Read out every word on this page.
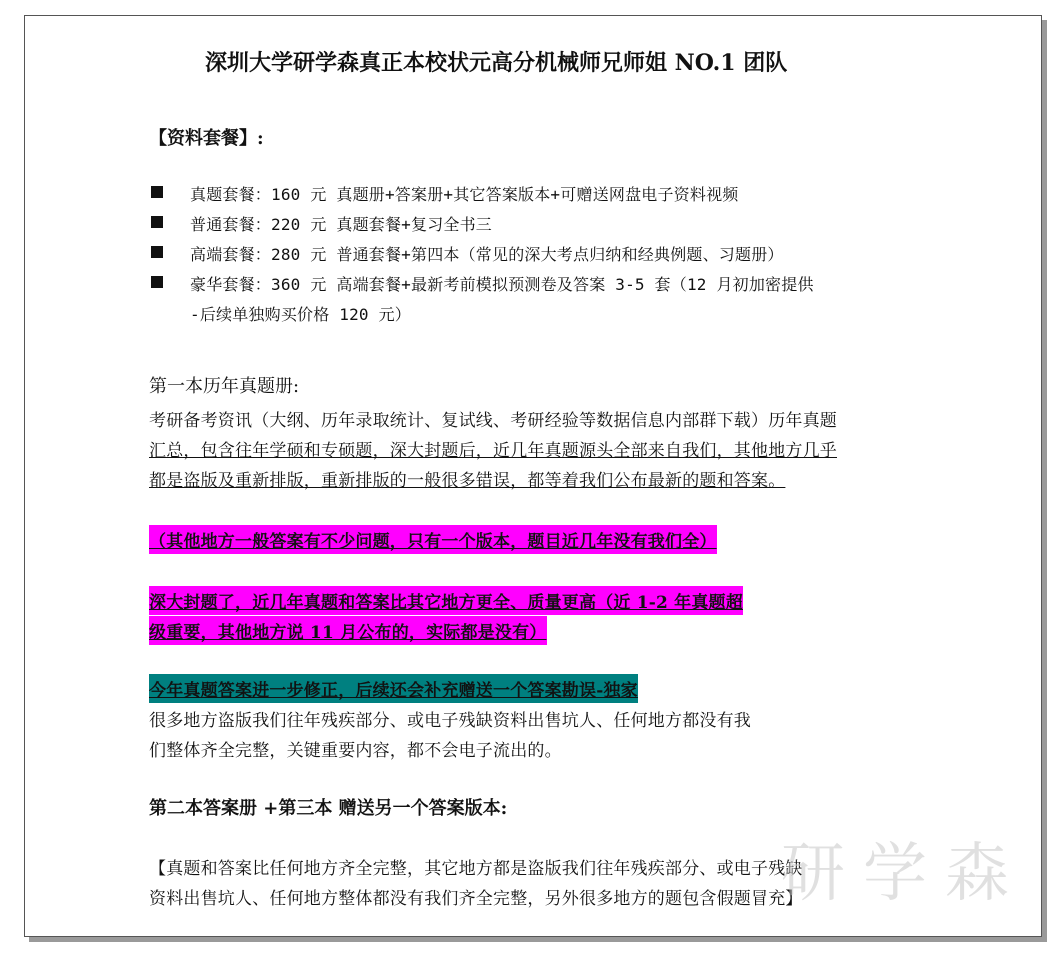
深圳大学研学森真正本校状元高分机械师兄师姐 NO.1 团队
【资料套餐】:
真题套餐：160 元 真题册+答案册+其它答案版本+可赠送网盘电子资料视频
普通套餐：220 元 真题套餐+复习全书三
高端套餐：280 元 普通套餐+第四本（常见的深大考点归纳和经典例题、习题册）
豪华套餐：360 元 高端套餐+最新考前模拟预测卷及答案 3-5 套（12 月初加密提供
-后续单独购买价格 120 元）
第一本历年真题册:
考研备考资讯（大纲、历年录取统计、复试线、考研经验等数据信息内部群下载）历年真题
汇总，包含往年学硕和专硕题，深大封题后，近几年真题源头全部来自我们，其他地方几乎
都是盗版及重新排版，重新排版的一般很多错误，都等着我们公布最新的题和答案。
（其他地方一般答案有不少问题，只有一个版本，题目近几年没有我们全）
深大封题了，近几年真题和答案比其它地方更全、质量更高（近 1-2 年真题超
级重要，其他地方说 11 月公布的，实际都是没有）
今年真题答案进一步修正，后续还会补充赠送一个答案勘误-独家
很多地方盗版我们往年残疾部分、或电子残缺资料出售坑人、任何地方都没有我
们整体齐全完整，关键重要内容，都不会电子流出的。
第二本答案册 +第三本 赠送另一个答案版本:
【真题和答案比任何地方齐全完整，其它地方都是盗版我们往年残疾部分、或电子残缺
资料出售坑人、任何地方整体都没有我们齐全完整，另外很多地方的题包含假题冒充】
研学森
